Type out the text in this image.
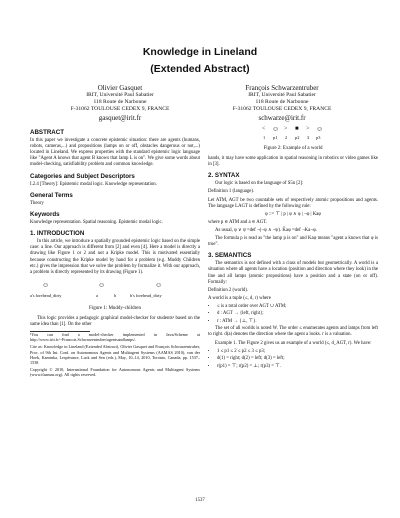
Knowledge in Lineland
(Extended Abstract)
Olivier Gasquet
IRIT, Université Paul Sabatier
118 Route de Narbonne
F-31062 TOULOUSE CEDEX 9, FRANCE
gasquet@irit.fr
François Schwarzentruber
IRIT, Université Paul Sabatier
118 Route de Narbonne
F-31062 TOULOUSE CEDEX 9, FRANCE
schwarze@irit.fr
ABSTRACT

In this paper we investigate a concrete epistemic situation: there are agents (humans, robots, cameras,...) and propositions (lamps on or off, obstacles dangerous or not,...) located in Lineland. We express properties with the standard epistemic logic language like "Agent A knows that agent B knows that lamp L is on". We give some words about model-checking, satisfiability problem and common knowledge.

Categories and Subject Descriptors

I.2.4 [Theory]: Epistemic modal logic. Knowledge representation.

General Terms

Theory

Keywords

Knowledge representation. Spatial reasoning. Epistemic modal logic.

1. INTRODUCTION

In this article, we introduce a spatially grounded epistemic logic based on the simple case: a line. Our approach is different from [2] and even [4]. Here a model is directly a drawing like Figure 1 or 2 and not a Kripke model. This is motivated essentially because constructing the Kripke model by hand for a problem (e.g. Muddy Children etc.) gives the impression that we solve the problem by formalize it. With our approach, a problem is directly represented by its drawing (Figure 1).

☺	☺	☺
a's forehead_dirty	a	b	b's forehead_dirty
Figure 1: Muddy-children

This logic provides a pedagogic graphical model-checker for students¹ based on the same idea than [1]. On the other

¹You can find a model-checker implemented in Java/Scheme at http://www.irit.fr/~Francois.Schwarzentruber/agentsandlamps/.

Cite as: Knowledge in Lineland (Extended Abstract), Olivier Gasquet and François Schwarzentruber, Proc. of 9th Int. Conf. on Autonomous Agents and Multiagent Systems (AAMAS 2010), van der Hoek, Kaminka, Lespérance, Luck and Sen (eds.), May, 10–14, 2010, Toronto, Canada, pp. 1537–1538

Copyright © 2010, International Foundation for Autonomous Agents and Multiagent Systems (www.ifaamas.org). All rights reserved.

< ☺ > ■ > ☺
1 p1 2 p2 3 p3
Figure 2: Example of a world

hands, it may have some application in spatial reasoning in robotics or video games like in [3].

2. SYNTAX

Our logic is based on the language of S5n [2]:

Definition 1 (language).

Let ATM, AGT be two countable sets of respectively atomic propositions and agents. The language LAGT is defined by the following rule:

φ ::= ⊤ | p | φ ∧ φ | ¬φ | Kaφ

where p ∈ ATM and a ∈ AGT.

As usual, φ ∨ ψ =def ¬(¬φ ∧ ¬ψ). K̂aφ =def ¬Ka¬φ.

The formula p is read as "the lamp p is on" and Kaφ means "agent a knows that φ is true".

3. SEMANTICS

The semantics is not defined with a class of models but geometrically. A world is a situation where all agents have a location (position and direction where they look) in the line and all lamps (atomic propositions) have a position and a state (on or off). Formally:

Definition 2 (world).

A world is a tuple (≤, d, r) where

• ≤ is a total order over AGT ∪ ATM;
• d : AGT → {left, right};
• r : ATM → {⊥, ⊤}.

The set of all worlds is noted W. The order ≤ enumerates agents and lamps from left to right. d(a) denotes the direction where the agent a looks. r is a valuation.

Example 1. The Figure 2 gives us an example of a world (≤, d_AGT, r). We have:

• 1 ≤ p1 ≤ 2 ≤ p2 ≤ 3 ≤ p3;
• d(1) = right; d(2) = left; d(3) = left;
• r(p1) = ⊤; r(p2) = ⊥; r(p3) = ⊤.
1537
